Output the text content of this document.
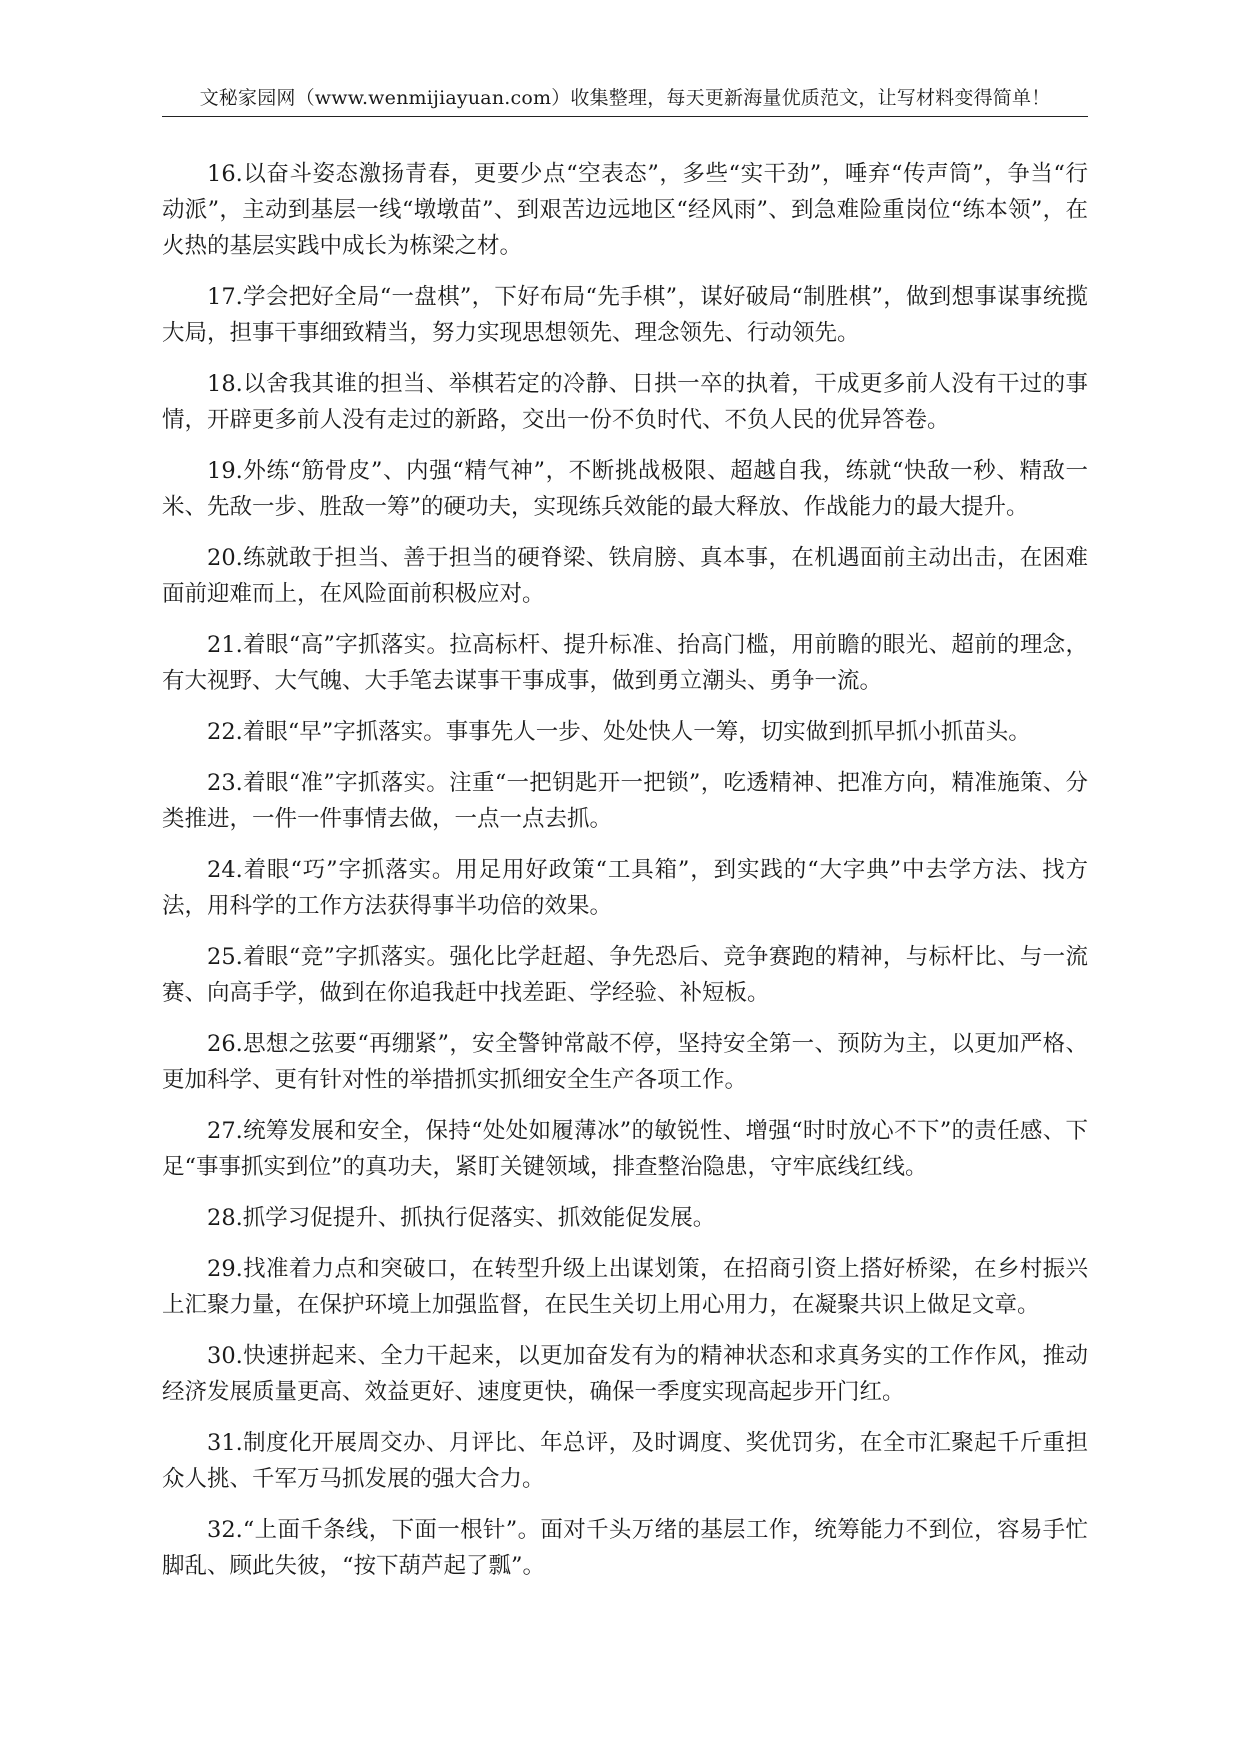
文秘家园网（www.wenmijiayuan.com）收集整理，每天更新海量优质范文，让写材料变得简单！

16.以奋斗姿态激扬青春，更要少点“空表态”，多些“实干劲”，唾弃“传声筒”，争当“行动派”，主动到基层一线“墩墩苗”、到艰苦边远地区“经风雨”、到急难险重岗位“练本领”，在火热的基层实践中成长为栋梁之材。

17.学会把好全局“一盘棋”，下好布局“先手棋”，谋好破局“制胜棋”，做到想事谋事统揽大局，担事干事细致精当，努力实现思想领先、理念领先、行动领先。

18.以舍我其谁的担当、举棋若定的冷静、日拱一卒的执着，干成更多前人没有干过的事情，开辟更多前人没有走过的新路，交出一份不负时代、不负人民的优异答卷。

19.外练“筋骨皮”、内强“精气神”，不断挑战极限、超越自我，练就“快敌一秒、精敌一米、先敌一步、胜敌一筹”的硬功夫，实现练兵效能的最大释放、作战能力的最大提升。

20.练就敢于担当、善于担当的硬脊梁、铁肩膀、真本事，在机遇面前主动出击，在困难面前迎难而上，在风险面前积极应对。

21.着眼“高”字抓落实。拉高标杆、提升标准、抬高门槛，用前瞻的眼光、超前的理念，有大视野、大气魄、大手笔去谋事干事成事，做到勇立潮头、勇争一流。

22.着眼“早”字抓落实。事事先人一步、处处快人一筹，切实做到抓早抓小抓苗头。

23.着眼“准”字抓落实。注重“一把钥匙开一把锁”，吃透精神、把准方向，精准施策、分类推进，一件一件事情去做，一点一点去抓。

24.着眼“巧”字抓落实。用足用好政策“工具箱”，到实践的“大字典”中去学方法、找方法，用科学的工作方法获得事半功倍的效果。

25.着眼“竞”字抓落实。强化比学赶超、争先恐后、竞争赛跑的精神，与标杆比、与一流赛、向高手学，做到在你追我赶中找差距、学经验、补短板。

26.思想之弦要“再绷紧”，安全警钟常敲不停，坚持安全第一、预防为主，以更加严格、更加科学、更有针对性的举措抓实抓细安全生产各项工作。

27.统筹发展和安全，保持“处处如履薄冰”的敏锐性、增强“时时放心不下”的责任感、下足“事事抓实到位”的真功夫，紧盯关键领域，排查整治隐患，守牢底线红线。

28.抓学习促提升、抓执行促落实、抓效能促发展。

29.找准着力点和突破口，在转型升级上出谋划策，在招商引资上搭好桥梁，在乡村振兴上汇聚力量，在保护环境上加强监督，在民生关切上用心用力，在凝聚共识上做足文章。

30.快速拼起来、全力干起来，以更加奋发有为的精神状态和求真务实的工作作风，推动经济发展质量更高、效益更好、速度更快，确保一季度实现高起步开门红。

31.制度化开展周交办、月评比、年总评，及时调度、奖优罚劣，在全市汇聚起千斤重担众人挑、千军万马抓发展的强大合力。

32.“上面千条线，下面一根针”。面对千头万绪的基层工作，统筹能力不到位，容易手忙脚乱、顾此失彼，“按下葫芦起了瓢”。
